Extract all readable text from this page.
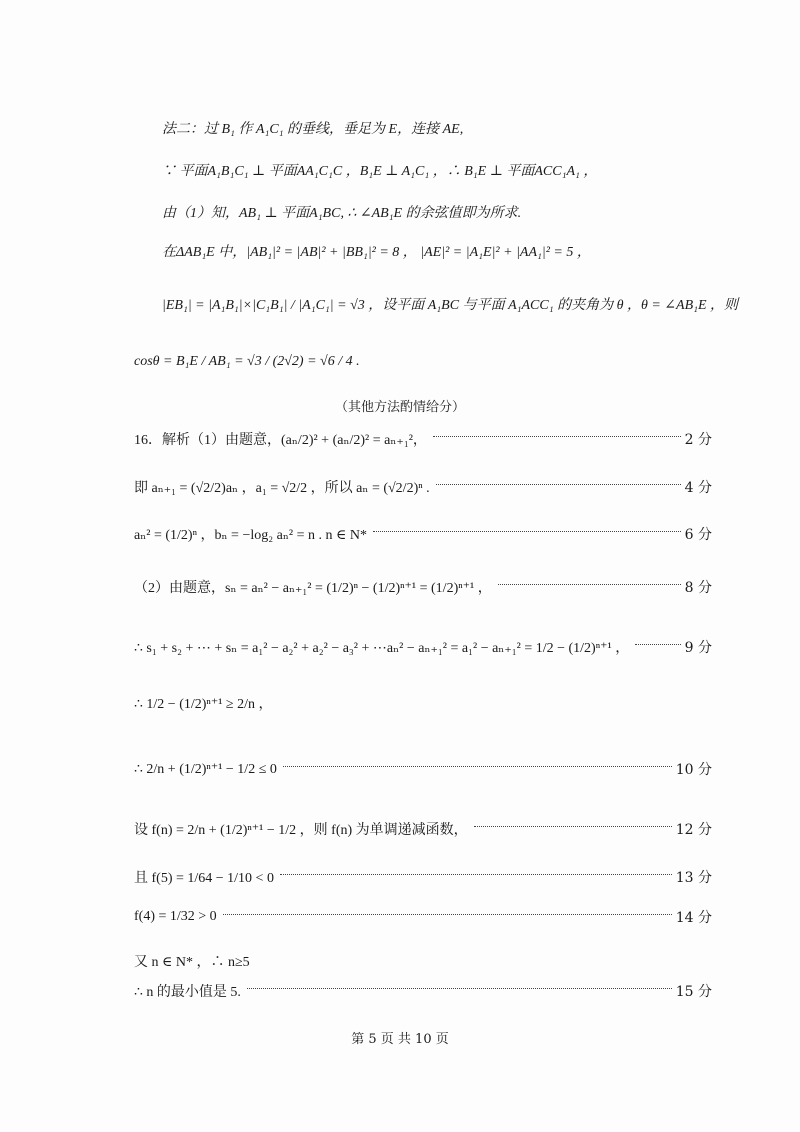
法二：过 B₁ 作 A₁C₁ 的垂线，垂足为 E，连接 AE,
∵ 平面A₁B₁C₁ ⊥ 平面AA₁C₁C ，B₁E ⊥ A₁C₁ ，∴ B₁E ⊥ 平面ACC₁A₁ ，
由（1）知，AB₁ ⊥ 平面A₁BC, ∴ ∠AB₁E 的余弦值即为所求.
在ΔAB₁E 中，|AB₁|² = |AB|² + |BB₁|² = 8 ， |AE|² = |A₁E|² + |AA₁|² = 5 ，
|EB₁| = |A₁B₁|×|C₁B₁| / |A₁C₁| = √3 ，设平面 A₁BC 与平面 A₁ACC₁ 的夹角为 θ ，θ = ∠AB₁E ，则
cosθ = B₁E / AB₁ = √3 / (2√2) = √6 / 4 .
（其他方法酌情给分）
16．解析（1）由题意，(aₙ/2)² + (aₙ/2)² = aₙ₊₁²，	2 分
即 aₙ₊₁ = (√2/2)aₙ ，a₁ = √2/2 ，所以 aₙ = (√2/2)ⁿ .	4 分
aₙ² = (1/2)ⁿ ，bₙ = −log₂ aₙ² = n . n ∈ N*	6 分
（2）由题意，sₙ = aₙ² − aₙ₊₁² = (1/2)ⁿ − (1/2)ⁿ⁺¹ = (1/2)ⁿ⁺¹ ，	8 分
∴ s₁ + s₂ + ⋯ + sₙ = a₁² − a₂² + a₂² − a₃² + ⋯aₙ² − aₙ₊₁² = a₁² − aₙ₊₁² = 1/2 − (1/2)ⁿ⁺¹ ，	9 分
∴ 1/2 − (1/2)ⁿ⁺¹ ≥ 2/n ，
∴ 2/n + (1/2)ⁿ⁺¹ − 1/2 ≤ 0	10 分
设 f(n) = 2/n + (1/2)ⁿ⁺¹ − 1/2 ，则 f(n) 为单调递减函数，	12 分
且 f(5) = 1/64 − 1/10 < 0	13 分
f(4) = 1/32 > 0	14 分
又 n ∈ N* ，∴ n≥5
∴ n 的最小值是 5.	15 分
第 5 页 共 10 页
